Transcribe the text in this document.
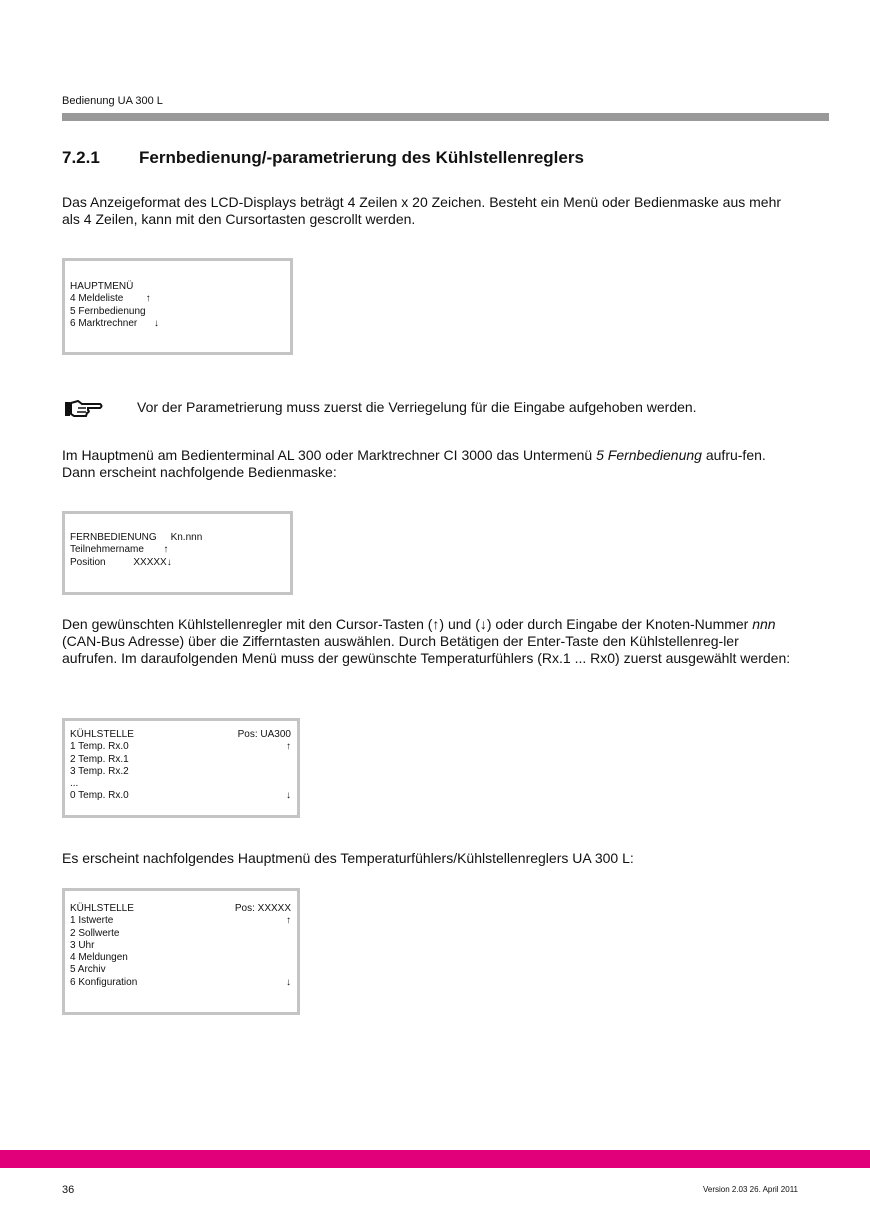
Bedienung UA 300 L
7.2.1 Fernbedienung/-parametrierung des Kühlstellenreglers
Das Anzeigeformat des LCD-Displays beträgt 4 Zeilen x 20 Zeichen. Besteht ein Menü oder Bedienmaske aus mehr als 4 Zeilen, kann mit den Cursortasten gescrollt werden.
HAUPTMENÜ
4 Meldeliste        ↑
5 Fernbedienung
6 Marktrechner      ↓
Vor der Parametrierung muss zuerst die Verriegelung für die Eingabe aufgehoben werden.
Im Hauptmenü am Bedienterminal AL 300 oder Marktrechner CI 3000 das Untermenü 5 Fernbedienung aufru-fen. Dann erscheint nachfolgende Bedienmaske:
FERNBEDIENUNG     Kn.nnn
Teilnehmername       ↑
Position          XXXXX↓
Den gewünschten Kühlstellenregler mit den Cursor-Tasten (↑) und (↓) oder durch Eingabe der Knoten-Nummer nnn (CAN-Bus Adresse) über die Zifferntasten auswählen. Durch Betätigen der Enter-Taste den Kühlstellenreg-ler aufrufen. Im daraufolgenden Menü muss der gewünschte Temperaturfühlers (Rx.1 ... Rx0) zuerst ausgewählt werden:
KÜHLSTELLE	Pos: UA300
1 Temp. Rx.0	↑
2 Temp. Rx.1
3 Temp. Rx.2
...
0 Temp. Rx.0	↓
Es erscheint nachfolgendes Hauptmenü des Temperaturfühlers/Kühlstellenreglers UA 300 L:
KÜHLSTELLE	Pos: XXXXX
1 Istwerte	↑
2 Sollwerte
3 Uhr
4 Meldungen
5 Archiv
6 Konfiguration	↓
36	Version 2.03 26. April 2011
